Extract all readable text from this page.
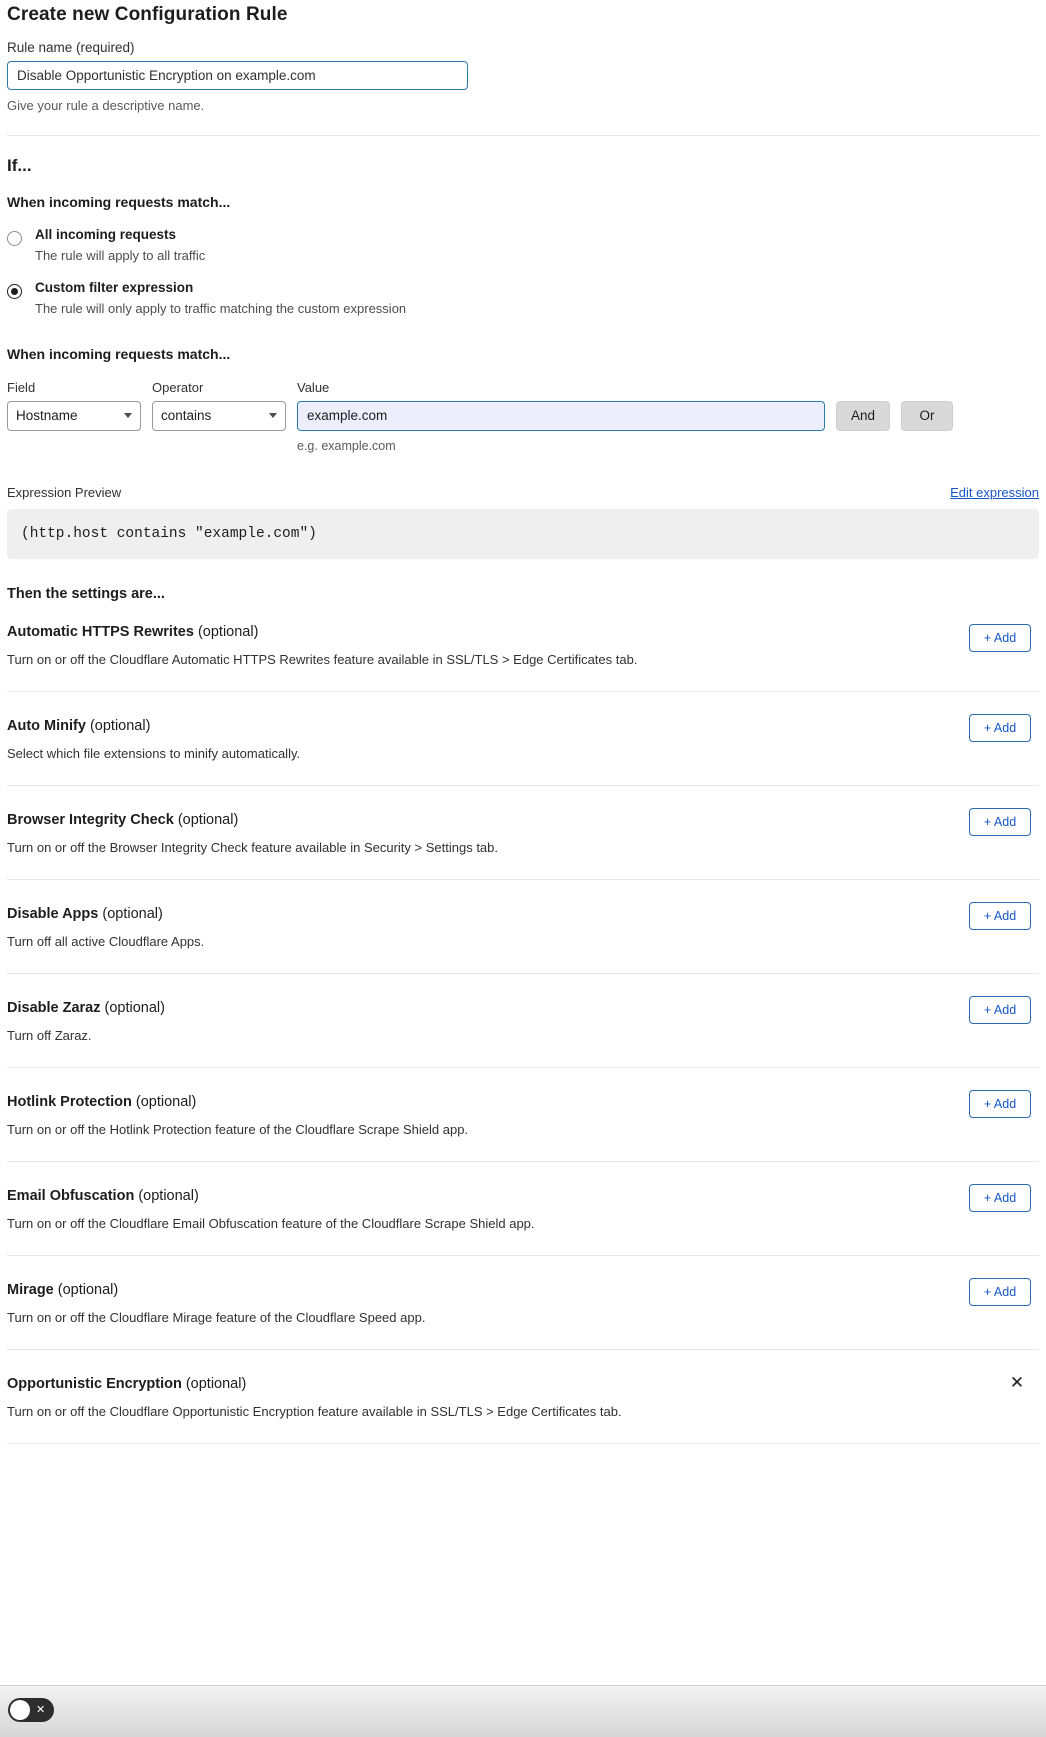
Create new Configuration Rule
Rule name (required)
Disable Opportunistic Encryption on example.com
Give your rule a descriptive name.
If...
When incoming requests match...
All incoming requests
The rule will apply to all traffic
Custom filter expression
The rule will only apply to traffic matching the custom expression
When incoming requests match...
Field
Hostname	Operator
contains	Value
example.com
e.g. example.com
And	Or
Expression Preview	Edit expression
(http.host contains "example.com")
Then the settings are...
Automatic HTTPS Rewrites (optional)
Turn on or off the Cloudflare Automatic HTTPS Rewrites feature available in SSL/TLS > Edge Certificates tab.
+ Add
Auto Minify (optional)
Select which file extensions to minify automatically.
+ Add
Browser Integrity Check (optional)
Turn on or off the Browser Integrity Check feature available in Security > Settings tab.
+ Add
Disable Apps (optional)
Turn off all active Cloudflare Apps.
+ Add
Disable Zaraz (optional)
Turn off Zaraz.
+ Add
Hotlink Protection (optional)
Turn on or off the Hotlink Protection feature of the Cloudflare Scrape Shield app.
+ Add
Email Obfuscation (optional)
Turn on or off the Cloudflare Email Obfuscation feature of the Cloudflare Scrape Shield app.
+ Add
Mirage (optional)
Turn on or off the Cloudflare Mirage feature of the Cloudflare Speed app.
+ Add
Opportunistic Encryption (optional)
Turn on or off the Cloudflare Opportunistic Encryption feature available in SSL/TLS > Edge Certificates tab.
✕
✕
